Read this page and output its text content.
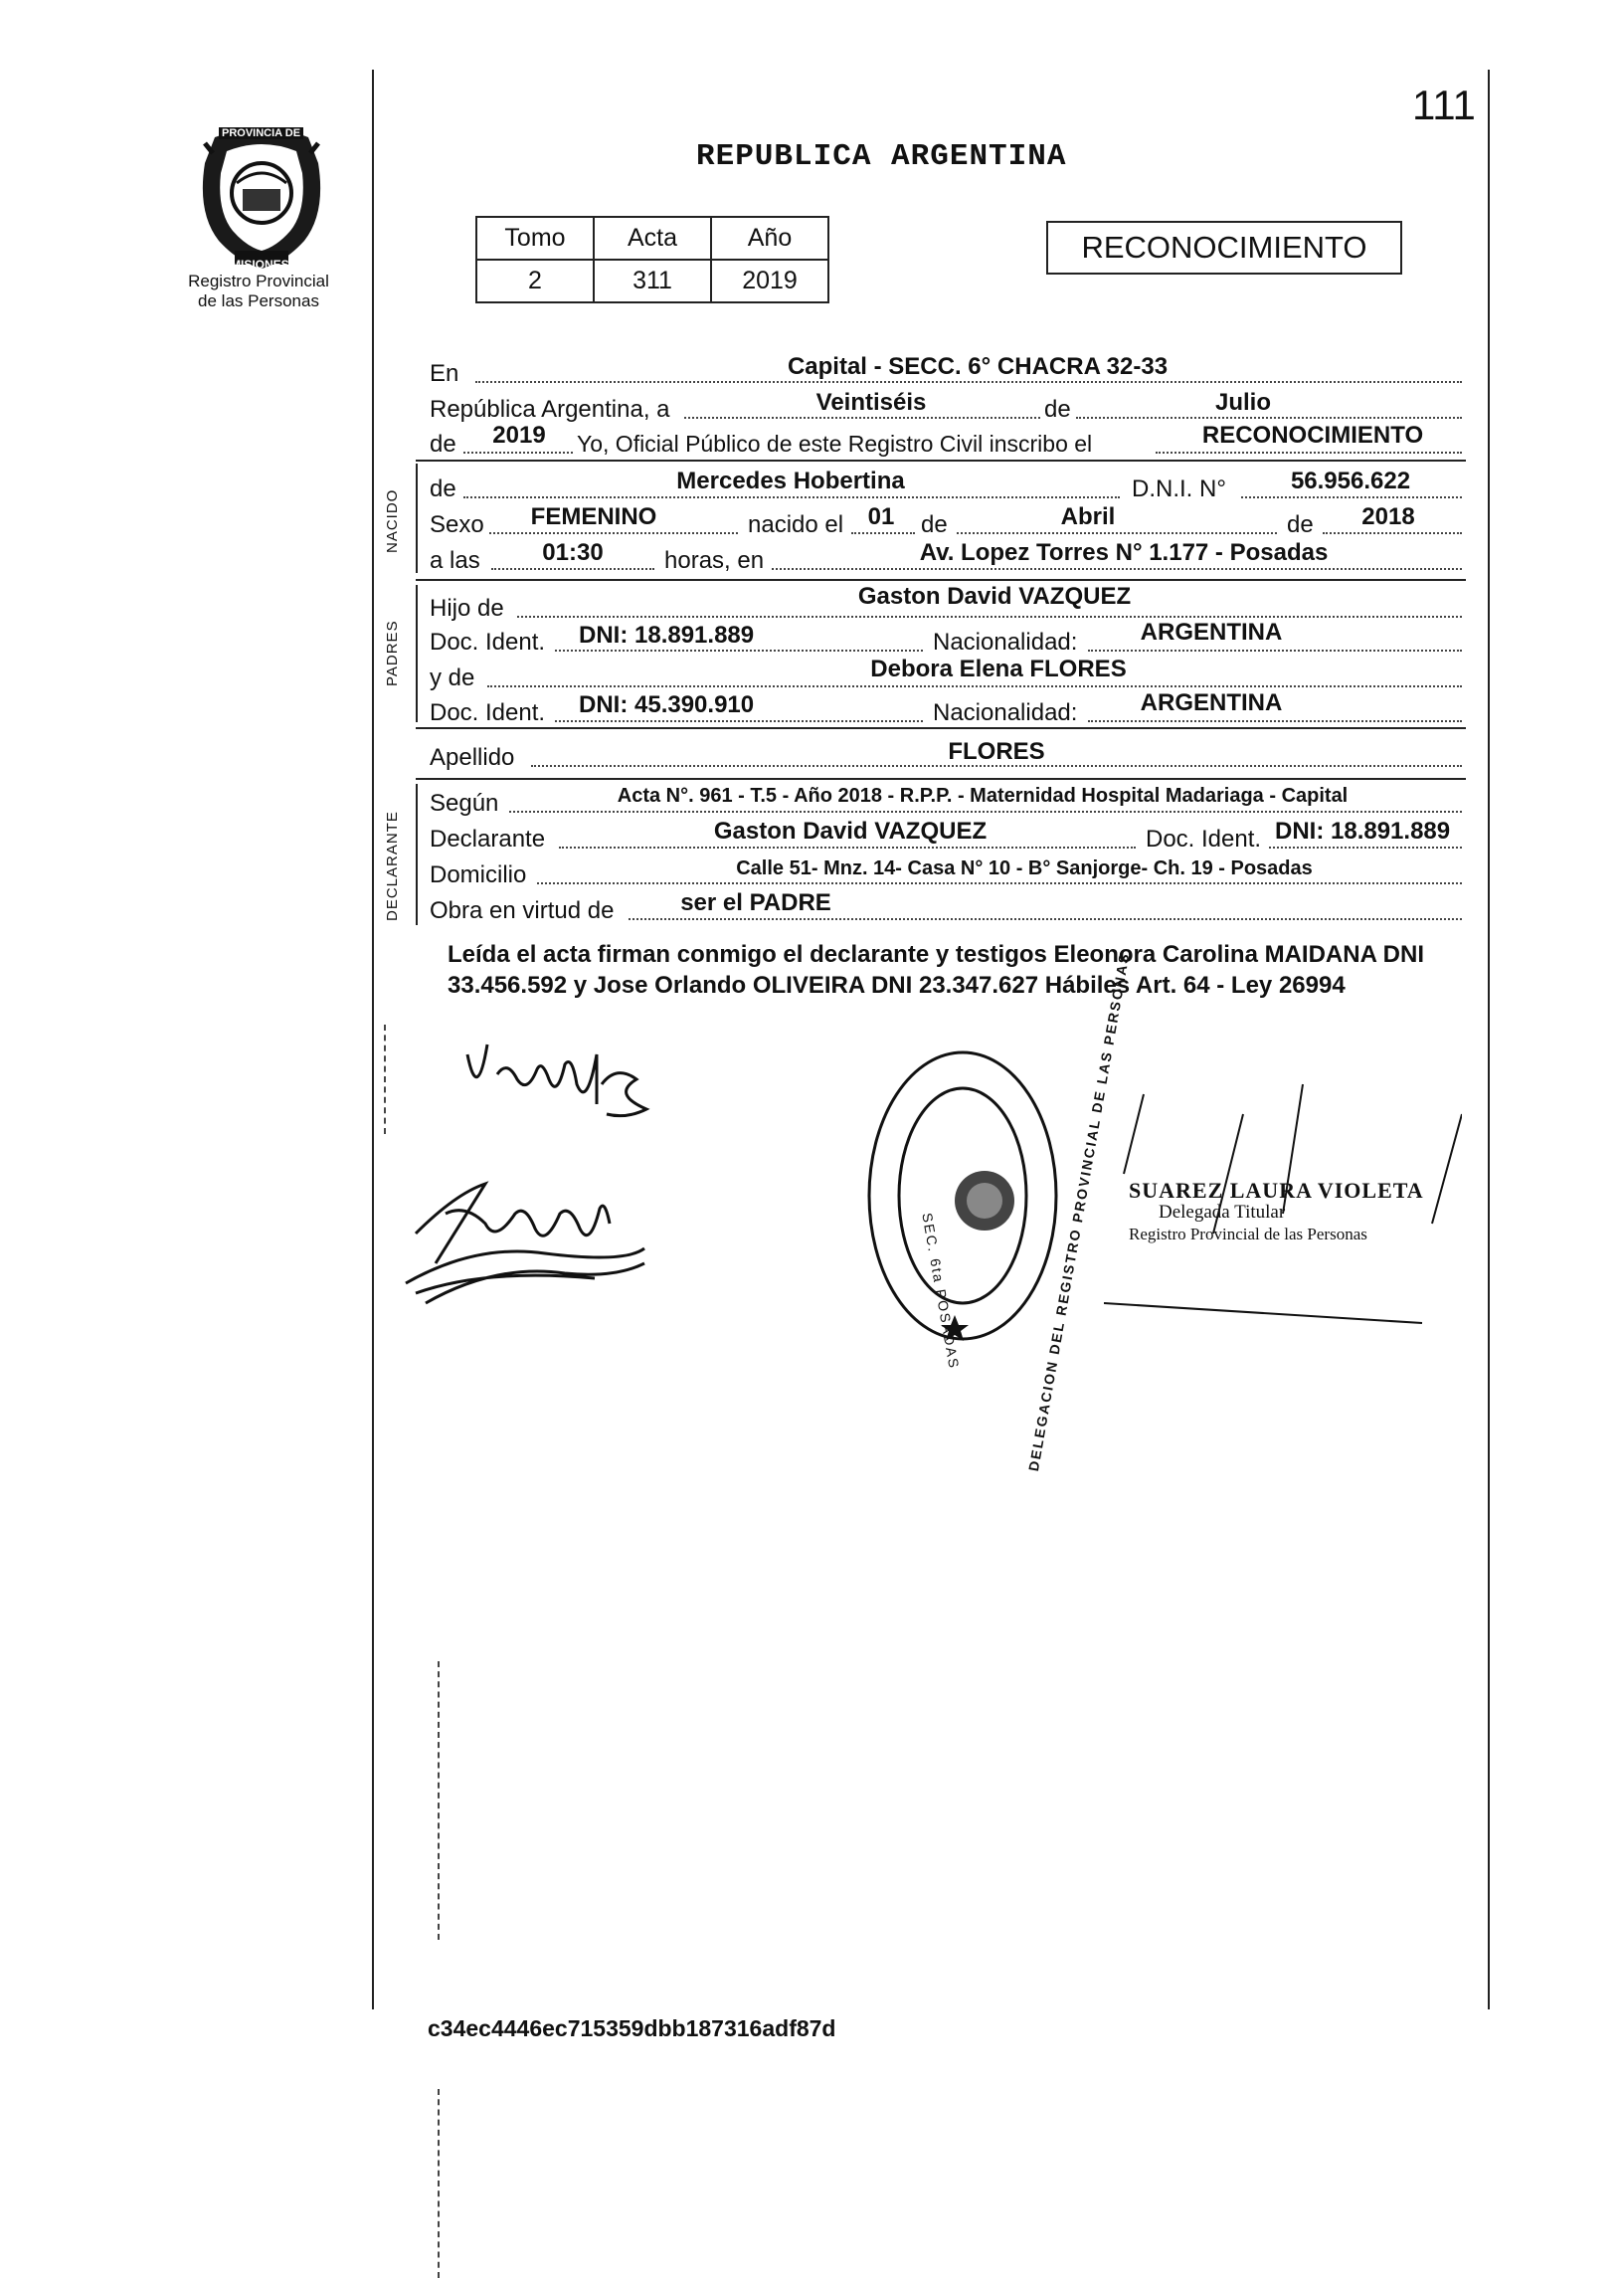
111
PROVINCIA DE
MISIONES
Registro Provincial
de las Personas
REPUBLICA ARGENTINA
Tomo	Acta	Año
2	311	2019
RECONOCIMIENTO
En	Capital - SECC. 6° CHACRA 32-33
República Argentina, a	Veintiséis	de	Julio
de 2019 Yo, Oficial Público de este Registro Civil inscribo el	RECONOCIMIENTO
NACIDO
de	Mercedes Hobertina	D.N.I. N°	56.956.622
Sexo FEMENINO	nacido el 01 de	Abril	de 2018
a las	01:30	horas, en	Av. Lopez Torres N° 1.177 - Posadas
PADRES
Hijo de	Gaston David VAZQUEZ
Doc. Ident. DNI: 18.891.889	Nacionalidad:	ARGENTINA
y de	Debora Elena FLORES
Doc. Ident. DNI: 45.390.910	Nacionalidad:	ARGENTINA
Apellido	FLORES
DECLARANTE
Según	Acta N°. 961 - T.5 - Año 2018 - R.P.P. - Maternidad Hospital Madariaga - Capital
Declarante	Gaston David VAZQUEZ	Doc. Ident. DNI: 18.891.889
Domicilio	Calle 51- Mnz. 14- Casa N° 10 - B° Sanjorge- Ch. 19 - Posadas
Obra en virtud de	ser el PADRE
Leída el acta firman conmigo el declarante y testigos Eleonora Carolina MAIDANA DNI 33.456.592 y Jose Orlando OLIVEIRA DNI 23.347.627 Hábiles Art. 64 - Ley 26994
DELEGACION DEL REGISTRO PROVINCIAL DE LAS PERSONAS
SEC. 6ta POSADAS
SUAREZ LAURA VIOLETA
Delegada Titular
Registro Provincial de las Personas
c34ec4446ec715359dbb187316adf87d
